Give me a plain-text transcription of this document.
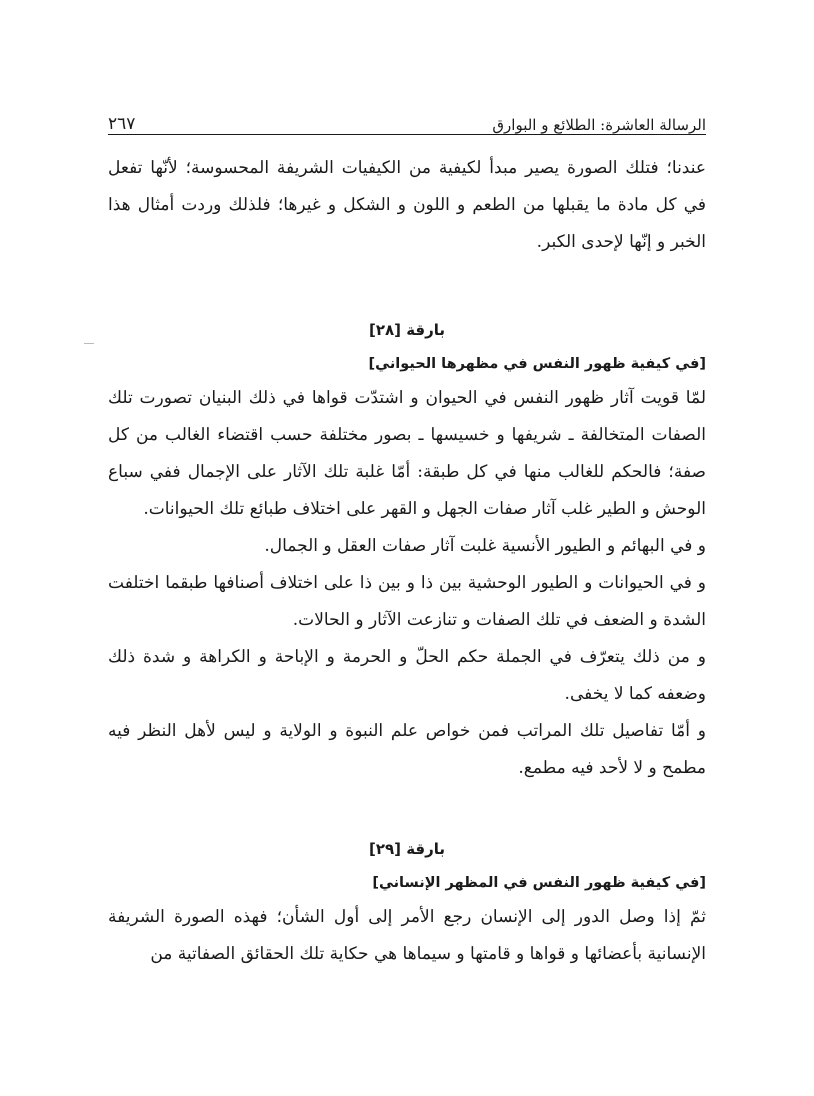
الرسالة العاشرة: الطلائع و البوارق
٢٦٧

عندنا؛ فتلك الصورة يصير مبدأ لكيفية من الكيفيات الشريفة المحسوسة؛ لأنّها تفعل في كل مادة ما يقبلها من الطعم و اللون و الشكل و غيرها؛ فلذلك وردت أمثال هذا الخبر و إنّها لإحدى الكبر.

بارقة [٢٨]

[في كيفية ظهور النفس في مظهرها الحيواني]

لمّا قويت آثار ظهور النفس في الحيوان و اشتدّت قواها في ذلك البنيان تصورت تلك الصفات المتخالفة ـ شريفها و خسيسها ـ بصور مختلفة حسب اقتضاء الغالب من كل صفة؛ فالحكم للغالب منها في كل طبقة: أمّا غلبة تلك الآثار على الإجمال ففي سباع الوحش و الطير غلب آثار صفات الجهل و القهر على اختلاف طبائع تلك الحيوانات.

و في البهائم و الطيور الأنسية غلبت آثار صفات العقل و الجمال.

و في الحيوانات و الطيور الوحشية بين ذا و بين ذا على اختلاف أصنافها طبقما اختلفت الشدة و الضعف في تلك الصفات و تنازعت الآثار و الحالات.

و من ذلك يتعرّف في الجملة حكم الحلّ و الحرمة و الإباحة و الكراهة و شدة ذلك وضعفه كما لا يخفى.

و أمّا تفاصيل تلك المراتب فمن خواص علم النبوة و الولاية و ليس لأهل النظر فيه مطمح و لا لأحد فيه مطمع.

بارقة [٢٩]

[في كيفية ظهور النفس في المظهر الإنساني]

ثمّ إذا وصل الدور إلى الإنسان رجع الأمر إلى أول الشأن؛ فهذه الصورة الشريفة الإنسانية بأعضائها و قواها و قامتها و سيماها هي حكاية تلك الحقائق الصفاتية من
